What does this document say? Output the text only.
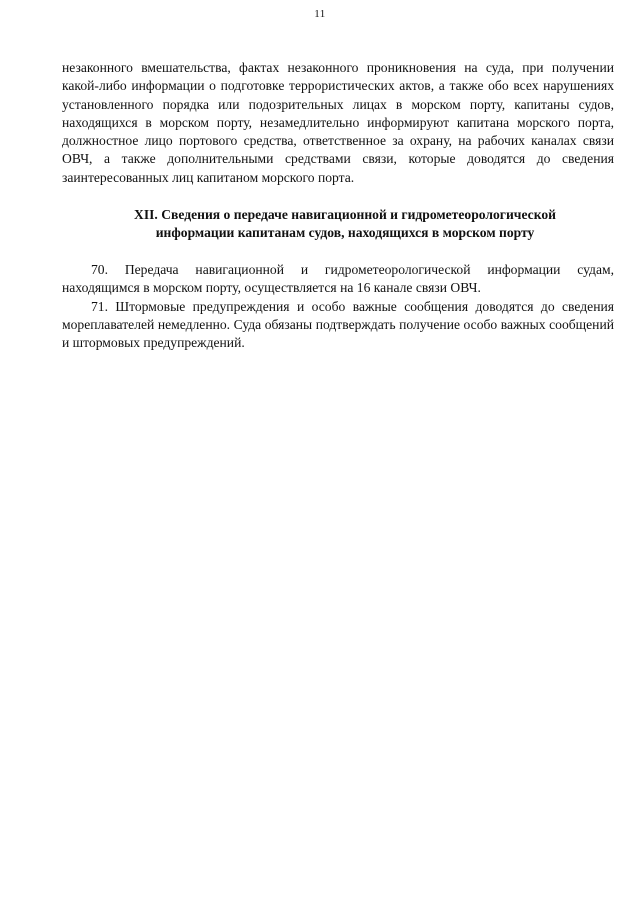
11

незаконного вмешательства, фактах незаконного проникновения на суда, при получении какой-либо информации о подготовке террористических актов, а также обо всех нарушениях установленного порядка или подозрительных лицах в морском порту, капитаны судов, находящихся в морском порту, незамедлительно информируют капитана морского порта, должностное лицо портового средства, ответственное за охрану, на рабочих каналах связи ОВЧ, а также дополнительными средствами связи, которые доводятся до сведения заинтересованных лиц капитаном морского порта.

XII. Сведения о передаче навигационной и гидрометеорологической информации капитанам судов, находящихся в морском порту

70. Передача навигационной и гидрометеорологической информации судам, находящимся в морском порту, осуществляется на 16 канале связи ОВЧ.

71. Штормовые предупреждения и особо важные сообщения доводятся до сведения мореплавателей немедленно. Суда обязаны подтверждать получение особо важных сообщений и штормовых предупреждений.
